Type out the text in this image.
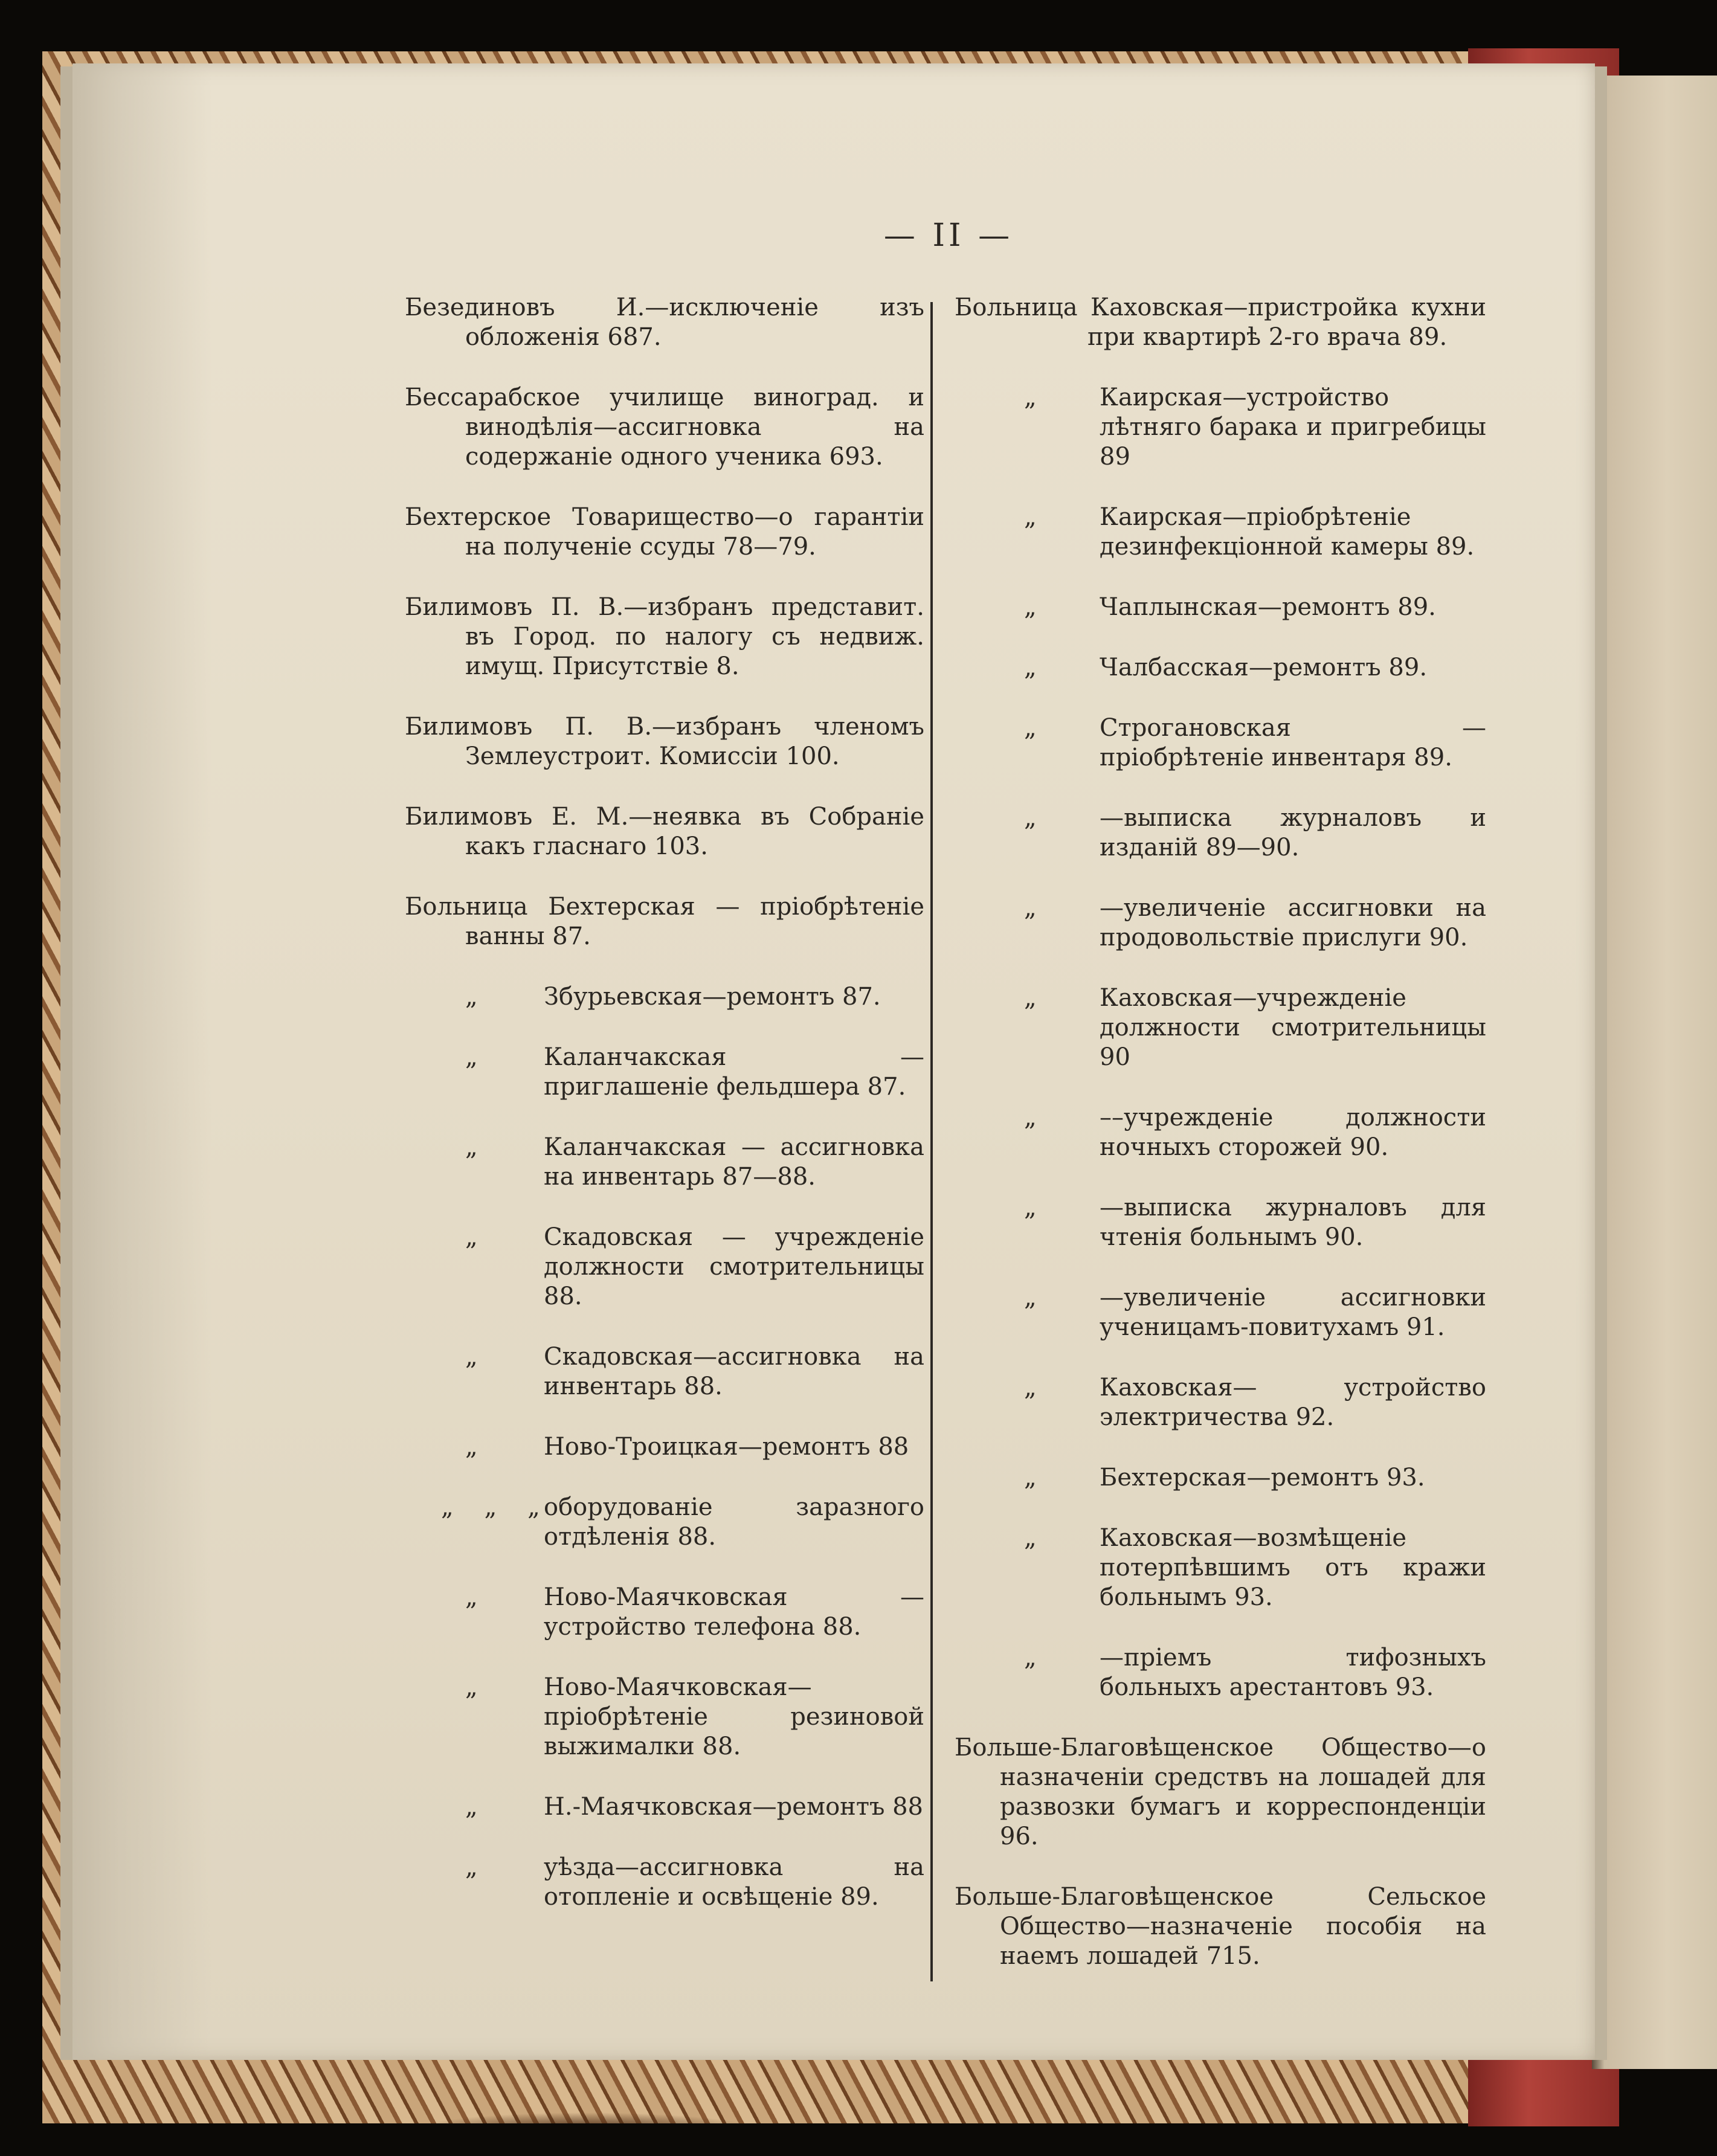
— II —
Безединовъ И.—исключеніе изъ обложенія 687.
Бессарабское училище виноград. и винодѣлія—ассигновка на содержаніе одного ученика 693.
Бехтерское Товарищество—о гарантіи на полученіе ссуды 78—79.
Билимовъ П. В.—избранъ представит. въ Город. по налогу съ недвиж. имущ. Присутствіе 8.
Билимовъ П. В.—избранъ членомъ Землеустроит. Комиссіи 100.
Билимовъ Е. М.—неявка въ Собраніе какъ гласнаго 103.
Больница Бехтерская — пріобрѣтеніе ванны 87.
„	Збурьевская—ремонтъ 87.
„	Каланчакская — приглашеніе фельдшера 87.
„	Каланчакская — ассигновка на инвентарь 87—88.
„	Скадовская — учрежденіе должности смотрительницы 88.
„	Скадовская—ассигновка на инвентарь 88.
„	Ново-Троицкая—ремонтъ 88
„    „    „ оборудованіе заразного отдѣленія 88.
„	Ново-Маячковская —устройство телефона 88.
„	Ново-Маячковская—пріобрѣтеніе резиновой выжималки 88.
„	Н.-Маячковская—ремонтъ 88
„	уѣзда—ассигновка на отопленіе и освѣщеніе 89.
Больница Каховская—пристройка кухни при квартирѣ 2-го врача 89.
„	Каирская—устройство лѣтняго барака и пригребицы 89
„	Каирская—пріобрѣтеніе дезинфекціонной камеры 89.
„	Чаплынская—ремонтъ 89.
„	Чалбасская—ремонтъ 89.
„	Строгановская — пріобрѣтеніе инвентаря 89.
„	—выписка журналовъ и изданій 89—90.
„	—увеличеніе ассигновки на продовольствіе прислуги 90.
„	Каховская—учрежденіе должности смотрительницы 90
„	––учрежденіе должности ночныхъ сторожей 90.
„	—выписка журналовъ для чтенія больнымъ 90.
„	—увеличеніе ассигновки ученицамъ-повитухамъ 91.
„	Каховская— устройство электричества 92.
„	Бехтерская—ремонтъ 93.
„	Каховская—возмѣщеніе потерпѣвшимъ отъ кражи больнымъ 93.
„	—пріемъ тифозныхъ больныхъ арестантовъ 93.
Больше-Благовѣщенское Общество—о назначеніи средствъ на лошадей для развозки бумагъ и корреспонденціи 96.
Больше-Благовѣщенское Сельское Общество—назначеніе пособія на наемъ лошадей 715.
